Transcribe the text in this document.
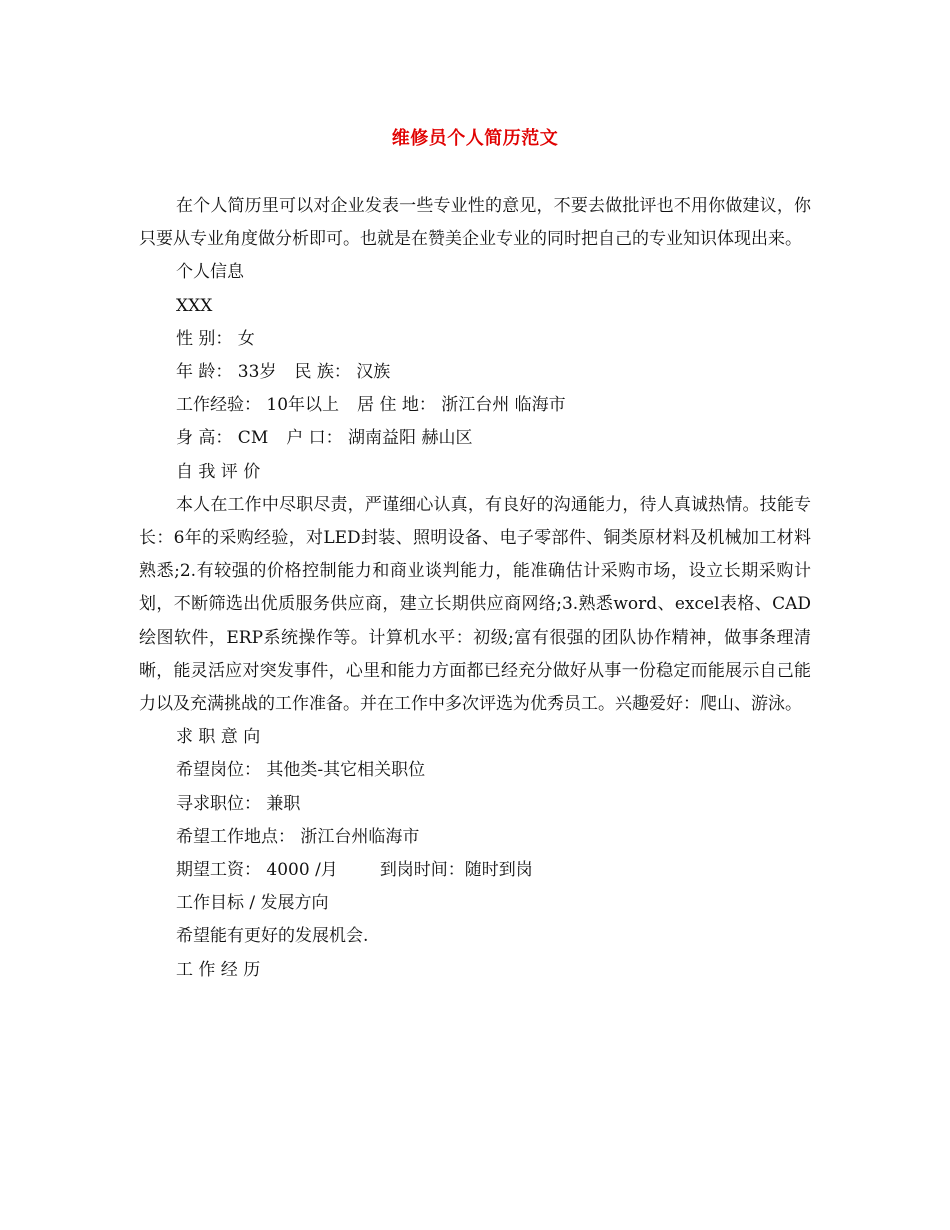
维修员个人简历范文

在个人简历里可以对企业发表一些专业性的意见，不要去做批评也不用你做建议，你只要从专业角度做分析即可。也就是在赞美企业专业的同时把自己的专业知识体现出来。

个人信息

XXX

性 别： 女

年 龄： 33岁 民 族： 汉族

工作经验： 10年以上 居 住 地： 浙江台州 临海市

身 高： CM 户 口： 湖南益阳 赫山区

自 我 评 价

本人在工作中尽职尽责，严谨细心认真，有良好的沟通能力，待人真诚热情。技能专长：6年的采购经验，对LED封装、照明设备、电子零部件、铜类原材料及机械加工材料熟悉;2.有较强的价格控制能力和商业谈判能力，能准确估计采购市场，设立长期采购计划，不断筛选出优质服务供应商，建立长期供应商网络;3.熟悉word、excel表格、CAD绘图软件，ERP系统操作等。计算机水平：初级;富有很强的团队协作精神，做事条理清晰，能灵活应对突发事件，心里和能力方面都已经充分做好从事一份稳定而能展示自己能力以及充满挑战的工作准备。并在工作中多次评选为优秀员工。兴趣爱好：爬山、游泳。

求 职 意 向

希望岗位： 其他类-其它相关职位

寻求职位： 兼职

希望工作地点： 浙江台州临海市

期望工资： 4000 /月 到岗时间：随时到岗

工作目标 / 发展方向

希望能有更好的发展机会.

工 作 经 历
